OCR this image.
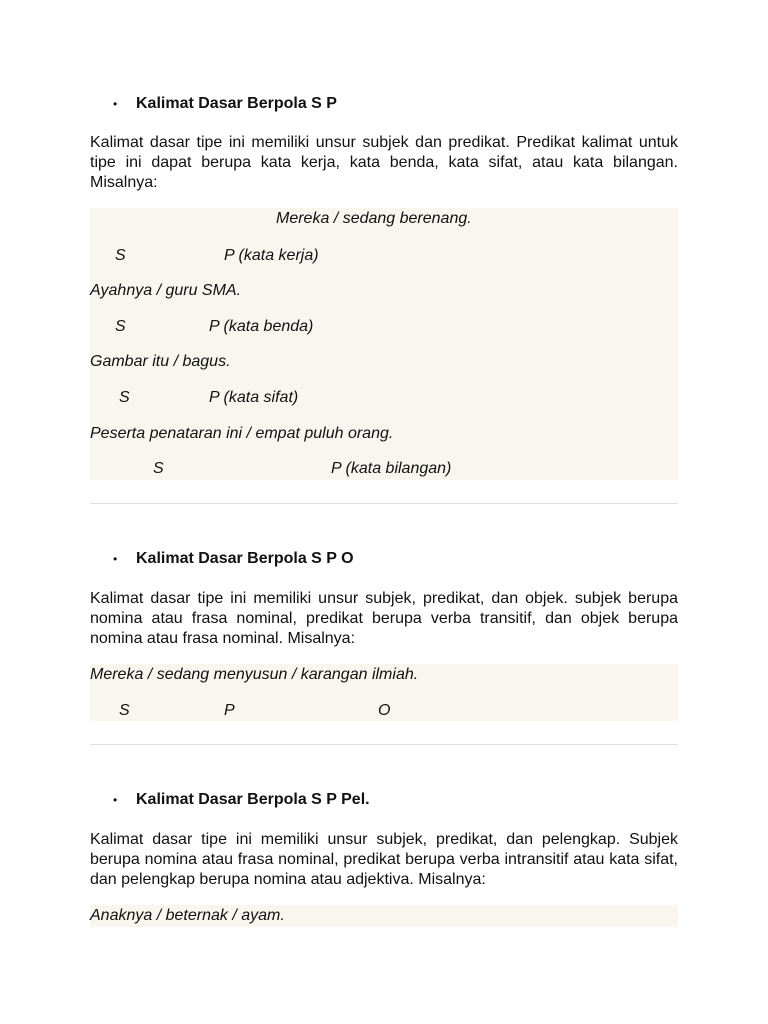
• Kalimat Dasar Berpola S P
Kalimat dasar tipe ini memiliki unsur subjek dan predikat. Predikat kalimat untuk tipe ini dapat berupa kata kerja, kata benda, kata sifat, atau kata bilangan. Misalnya:
Mereka / sedang berenang.
S	P (kata kerja)
Ayahnya / guru SMA.
S	P (kata benda)
Gambar itu / bagus.
S	P (kata sifat)
Peserta penataran ini / empat puluh orang.
S	P (kata bilangan)
• Kalimat Dasar Berpola S P O
Kalimat dasar tipe ini memiliki unsur subjek, predikat, dan objek. subjek berupa nomina atau frasa nominal, predikat berupa verba transitif, dan objek berupa nomina atau frasa nominal. Misalnya:
Mereka / sedang menyusun / karangan ilmiah.
S	P	O
• Kalimat Dasar Berpola S P Pel.
Kalimat dasar tipe ini memiliki unsur subjek, predikat, dan pelengkap. Subjek berupa nomina atau frasa nominal, predikat berupa verba intransitif atau kata sifat, dan pelengkap berupa nomina atau adjektiva. Misalnya:
Anaknya / beternak / ayam.
